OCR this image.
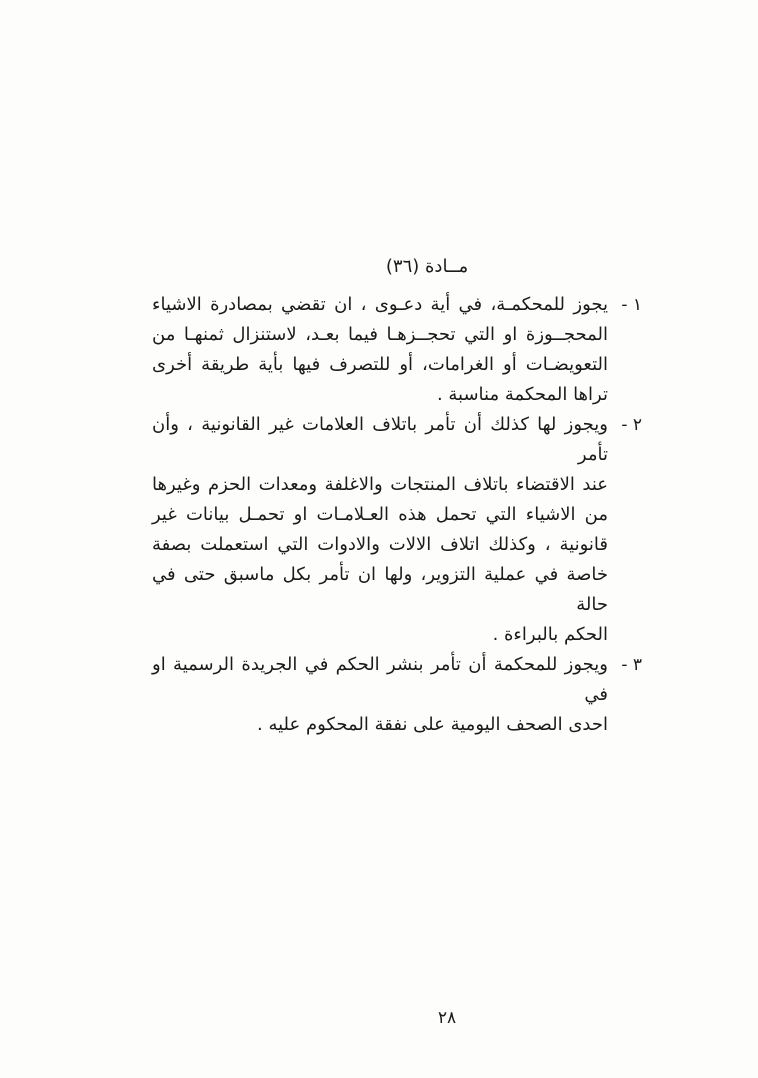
مــادة (٣٦)
١ -
يجوز للمحكمـة، في أية دعـوى ، ان تقضي بمصادرة الاشياء
المحجــوزة او التي تحجــزهـا فيما بعـد، لاستنزال ثمنهـا من
التعويضـات أو الغرامات، أو للتصرف فيها بأية طريقة أخرى
تراها المحكمة مناسبة .
٢ -
ويجوز لها كذلك أن تأمر باتلاف العلامات غير القانونية ، وأن تأمر
عند الاقتضاء باتلاف المنتجات والاغلفة ومعدات الحزم وغيرها
من الاشياء التي تحمل هذه العـلامـات او تحمـل بيانات غير
قانونية ، وكذلك اتلاف الالات والادوات التي استعملت بصفة
خاصة في عملية التزوير، ولها ان تأمر بكل ماسبق حتى في حالة
الحكم بالبراءة .
٣ -
ويجوز للمحكمة أن تأمر بنشر الحكم في الجريدة الرسمية او في
احدى الصحف اليومية على نفقة المحكوم عليه .
٢٨
